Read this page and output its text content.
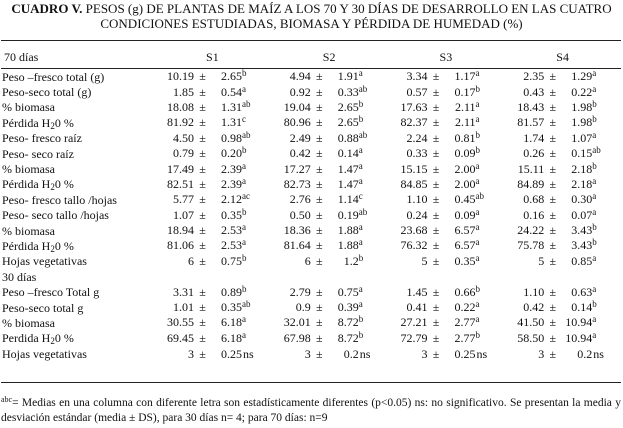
CUADRO V. PESOS (g) DE PLANTAS DE MAÍZ A LOS 70 Y 30 DÍAS DE DESARROLLO EN LAS CUATRO
CONDICIONES ESTUDIADAS, BIOMASA Y PÉRDIDA DE HUMEDAD (%)
70 días	S1	S2	S3	S4
Peso –fresco total (g)	10.19 ± 2.65 b	4.94 ± 1.91 a	3.34 ± 1.17 a	2.35 ± 1.29 a

Peso-seco total (g)	1.85 ± 0.54 a	0.92 ± 0.33 ab	0.57 ± 0.17 b	0.43 ± 0.22 a

% biomasa	18.08 ± 1.31 ab	19.04 ± 2.65 b	17.63 ± 2.11 a	18.43 ± 1.98 b

Pérdida $H_20$ %	81.92 ± 1.31 c	80.96 ± 2.65 b	82.37 ± 2.11 a	81.57 ± 1.98 b

Peso- fresco raíz	4.50 ± 0.98 ab	2.49 ± 0.88 ab	2.24 ± 0.81 b	1.74 ± 1.07 a

Peso- seco raíz	0.79 ± 0.20 b	0.42 ± 0.14 a	0.33 ± 0.09 b	0.26 ± 0.15 ab

% biomasa	17.49 ± 2.39 a	17.27 ± 1.47 a	15.15 ± 2.00 a	15.11 ± 2.18 b

Pérdida $H_20$ %	82.51 ± 2.39 a	82.73 ± 1.47 a	84.85 ± 2.00 a	84.89 ± 2.18 a

Peso- fresco tallo /hojas	5.77 ± 2.12 ac	2.76 ± 1.14 c	1.10 ± 0.45 ab	0.68 ± 0.30 a

Peso- seco tallo /hojas	1.07 ± 0.35 b	0.50 ± 0.19 ab	0.24 ± 0.09 a	0.16 ± 0.07 a

% biomasa	18.94 ± 2.53 a	18.36 ± 1.88 a	23.68 ± 6.57 a	24.22 ± 3.43 b

Pérdida $H_20$ %	81.06 ± 2.53 a	81.64 ± 1.88 a	76.32 ± 6.57 a	75.78 ± 3.43 b

Hojas vegetativas	6 ± 0.75 b	6 ± 1.2 b	5 ± 0.35 a	5 ± 0.85 a

30 días				
Peso –fresco Total g	3.31 ± 0.89 b	2.79 ± 0.75 a	1.45 ± 0.66 b	1.10 ± 0.63 a

Peso-seco total g	1.01 ± 0.35 ab	0.9 ± 0.39 a	0.41 ± 0.22 a	0.42 ± 0.14 b

% biomasa	30.55 ± 6.18 a	32.01 ± 8.72 b	27.21 ± 2.77 a	41.50 ± 10.94 a

Perdida $H_20$ %	69.45 ± 6.18 a	67.98 ± 8.72 b	72.79 ± 2.77 b	58.50 ± 10.94 a

Hojas vegetativas	3 ± 0.25 ns	3 ± 0.2 ns	3 ± 0.25 ns	3 ± 0.2 ns

$^{abc}$= Medias en una columna con diferente letra son estadísticamente diferentes (p<0.05) ns: no significativo. Se presentan la media y desviación estándar (media ± DS), para 30 días n= 4; para 70 días: n=9
